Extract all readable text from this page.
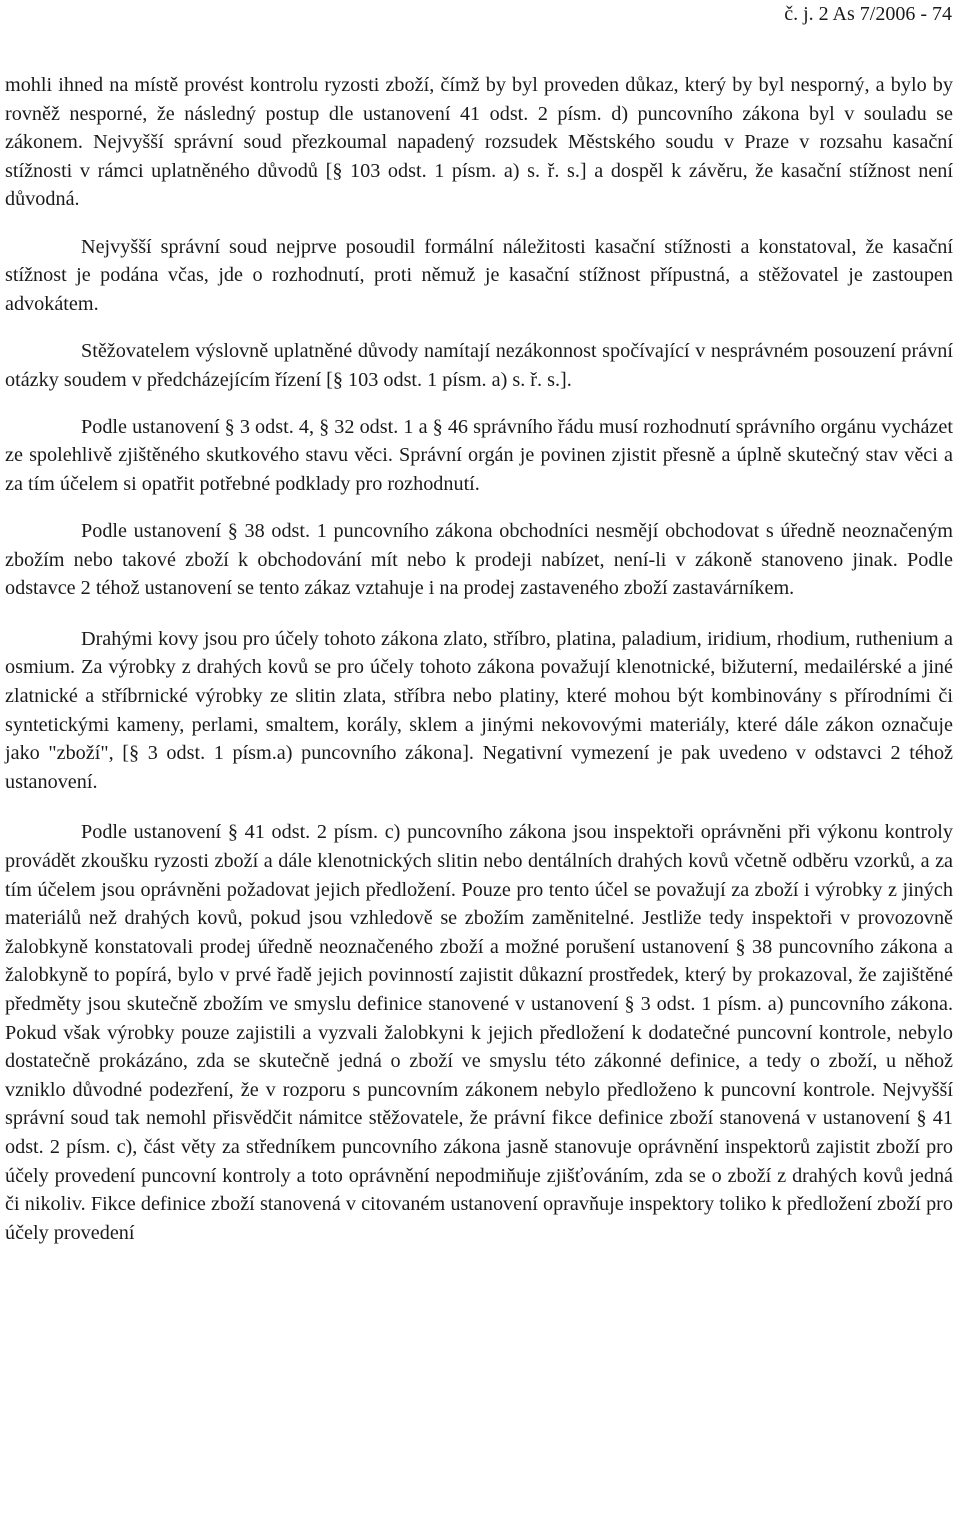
č. j. 2 As 7/2006 - 74

mohli ihned na místě provést kontrolu ryzosti zboží, čímž by byl proveden důkaz, který by byl nesporný, a bylo by rovněž nesporné, že následný postup dle ustanovení 41 odst. 2 písm. d) puncovního zákona byl v souladu se zákonem. Nejvyšší správní soud přezkoumal napadený rozsudek Městského soudu v Praze v rozsahu kasační stížnosti v rámci uplatněného důvodů [§ 103 odst. 1 písm. a) s. ř. s.] a dospěl k závěru, že kasační stížnost není důvodná.

Nejvyšší správní soud nejprve posoudil formální náležitosti kasační stížnosti a konstatoval, že kasační stížnost je podána včas, jde o rozhodnutí, proti němuž je kasační stížnost přípustná, a stěžovatel je zastoupen advokátem.

Stěžovatelem výslovně uplatněné důvody namítají nezákonnost spočívající v nesprávném posouzení právní otázky soudem v předcházejícím řízení [§ 103 odst. 1 písm. a) s. ř. s.].

Podle ustanovení § 3 odst. 4, § 32 odst. 1 a § 46 správního řádu musí rozhodnutí správního orgánu vycházet ze spolehlivě zjištěného skutkového stavu věci. Správní orgán je povinen zjistit přesně a úplně skutečný stav věci a za tím účelem si opatřit potřebné podklady pro rozhodnutí.

Podle ustanovení § 38 odst. 1 puncovního zákona obchodníci nesmějí obchodovat s úředně neoznačeným zbožím nebo takové zboží k obchodování mít nebo k prodeji nabízet, není-li v zákoně stanoveno jinak. Podle odstavce 2 téhož ustanovení se tento zákaz vztahuje i na prodej zastaveného zboží zastavárníkem.

Drahými kovy jsou pro účely tohoto zákona zlato, stříbro, platina, paladium, iridium, rhodium, ruthenium a osmium. Za výrobky z drahých kovů se pro účely tohoto zákona považují klenotnické, bižuterní, medailérské a jiné zlatnické a stříbrnické výrobky ze slitin zlata, stříbra nebo platiny, které mohou být kombinovány s přírodními či syntetickými kameny, perlami, smaltem, korály, sklem a jinými nekovovými materiály, které dále zákon označuje jako "zboží", [§ 3 odst. 1 písm.a) puncovního zákona]. Negativní vymezení je pak uvedeno v odstavci 2 téhož ustanovení.

Podle ustanovení § 41 odst. 2 písm. c) puncovního zákona jsou inspektoři oprávněni při výkonu kontroly provádět zkoušku ryzosti zboží a dále klenotnických slitin nebo dentálních drahých kovů včetně odběru vzorků, a za tím účelem jsou oprávněni požadovat jejich předložení. Pouze pro tento účel se považují za zboží i výrobky z jiných materiálů než drahých kovů, pokud jsou vzhledově se zbožím zaměnitelné. Jestliže tedy inspektoři v provozovně žalobkyně konstatovali prodej úředně neoznačeného zboží a možné porušení ustanovení § 38 puncovního zákona a žalobkyně to popírá, bylo v prvé řadě jejich povinností zajistit důkazní prostředek, který by prokazoval, že zajištěné předměty jsou skutečně zbožím ve smyslu definice stanovené v ustanovení § 3 odst. 1 písm. a) puncovního zákona. Pokud však výrobky pouze zajistili a vyzvali žalobkyni k jejich předložení k dodatečné puncovní kontrole, nebylo dostatečně prokázáno, zda se skutečně jedná o zboží ve smyslu této zákonné definice, a tedy o zboží, u něhož vzniklo důvodné podezření, že v rozporu s puncovním zákonem nebylo předloženo k puncovní kontrole. Nejvyšší správní soud tak nemohl přisvědčit námitce stěžovatele, že právní fikce definice zboží stanovená v ustanovení § 41 odst. 2 písm. c), část věty za středníkem puncovního zákona jasně stanovuje oprávnění inspektorů zajistit zboží pro účely provedení puncovní kontroly a toto oprávnění nepodmiňuje zjišťováním, zda se o zboží z drahých kovů jedná či nikoliv. Fikce definice zboží stanovená v citovaném ustanovení opravňuje inspektory toliko k předložení zboží pro účely provedení
